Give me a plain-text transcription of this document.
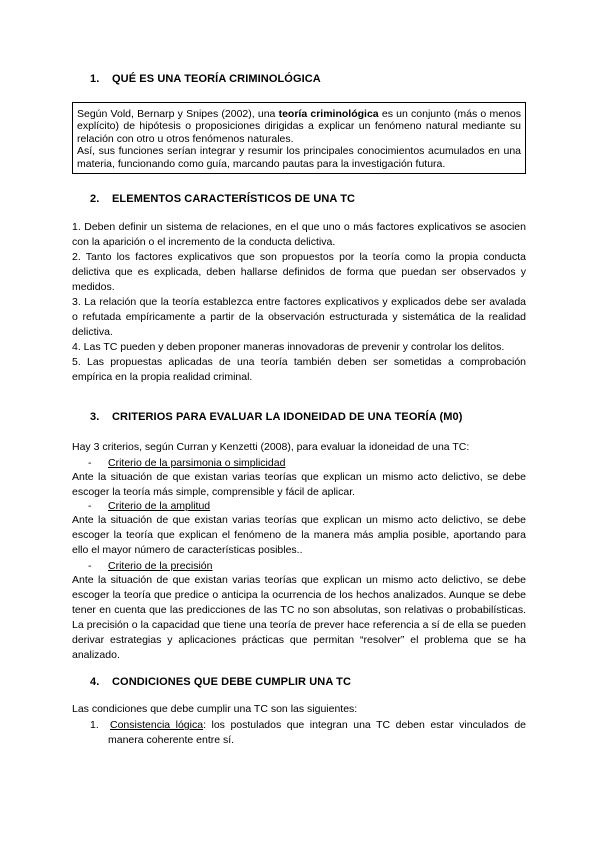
1. QUÉ ES UNA TEORÍA CRIMINOLÓGICA

Según Vold, Bernarp y Snipes (2002), una teoría criminológica es un conjunto (más o menos explícito) de hipótesis o proposiciones dirigidas a explicar un fenómeno natural mediante su relación con otro u otros fenómenos naturales.

Así, sus funciones serían integrar y resumir los principales conocimientos acumulados en una materia, funcionando como guía, marcando pautas para la investigación futura.

2. ELEMENTOS CARACTERÍSTICOS DE UNA TC

1. Deben definir un sistema de relaciones, en el que uno o más factores explicativos se asocien con la aparición o el incremento de la conducta delictiva.

2. Tanto los factores explicativos que son propuestos por la teoría como la propia conducta delictiva que es explicada, deben hallarse definidos de forma que puedan ser observados y medidos.

3. La relación que la teoría establezca entre factores explicativos y explicados debe ser avalada o refutada empíricamente a partir de la observación estructurada y sistemática de la realidad delictiva.

4. Las TC pueden y deben proponer maneras innovadoras de prevenir y controlar los delitos.

5. Las propuestas aplicadas de una teoría también deben ser sometidas a comprobación empírica en la propia realidad criminal.

3. CRITERIOS PARA EVALUAR LA IDONEIDAD DE UNA TEORÍA (M0)

Hay 3 criterios, según Curran y Kenzetti (2008), para evaluar la idoneidad de una TC:

- Criterio de la parsimonia o simplicidad

Ante la situación de que existan varias teorías que explican un mismo acto delictivo, se debe escoger la teoría más simple, comprensible y fácil de aplicar.

- Criterio de la amplitud

Ante la situación de que existan varias teorías que explican un mismo acto delictivo, se debe escoger la teoría que explican el fenómeno de la manera más amplia posible, aportando para ello el mayor número de características posibles..

- Criterio de la precisión

Ante la situación de que existan varias teorías que explican un mismo acto delictivo, se debe escoger la teoría que predice o anticipa la ocurrencia de los hechos analizados. Aunque se debe tener en cuenta que las predicciones de las TC no son absolutas, son relativas o probabilísticas. La precisión o la capacidad que tiene una teoría de prever hace referencia a sí de ella se pueden derivar estrategias y aplicaciones prácticas que permitan “resolver” el problema que se ha analizado.

4. CONDICIONES QUE DEBE CUMPLIR UNA TC

Las condiciones que debe cumplir una TC son las siguientes:

1. Consistencia lógica: los postulados que integran una TC deben estar vinculados de manera coherente entre sí.
